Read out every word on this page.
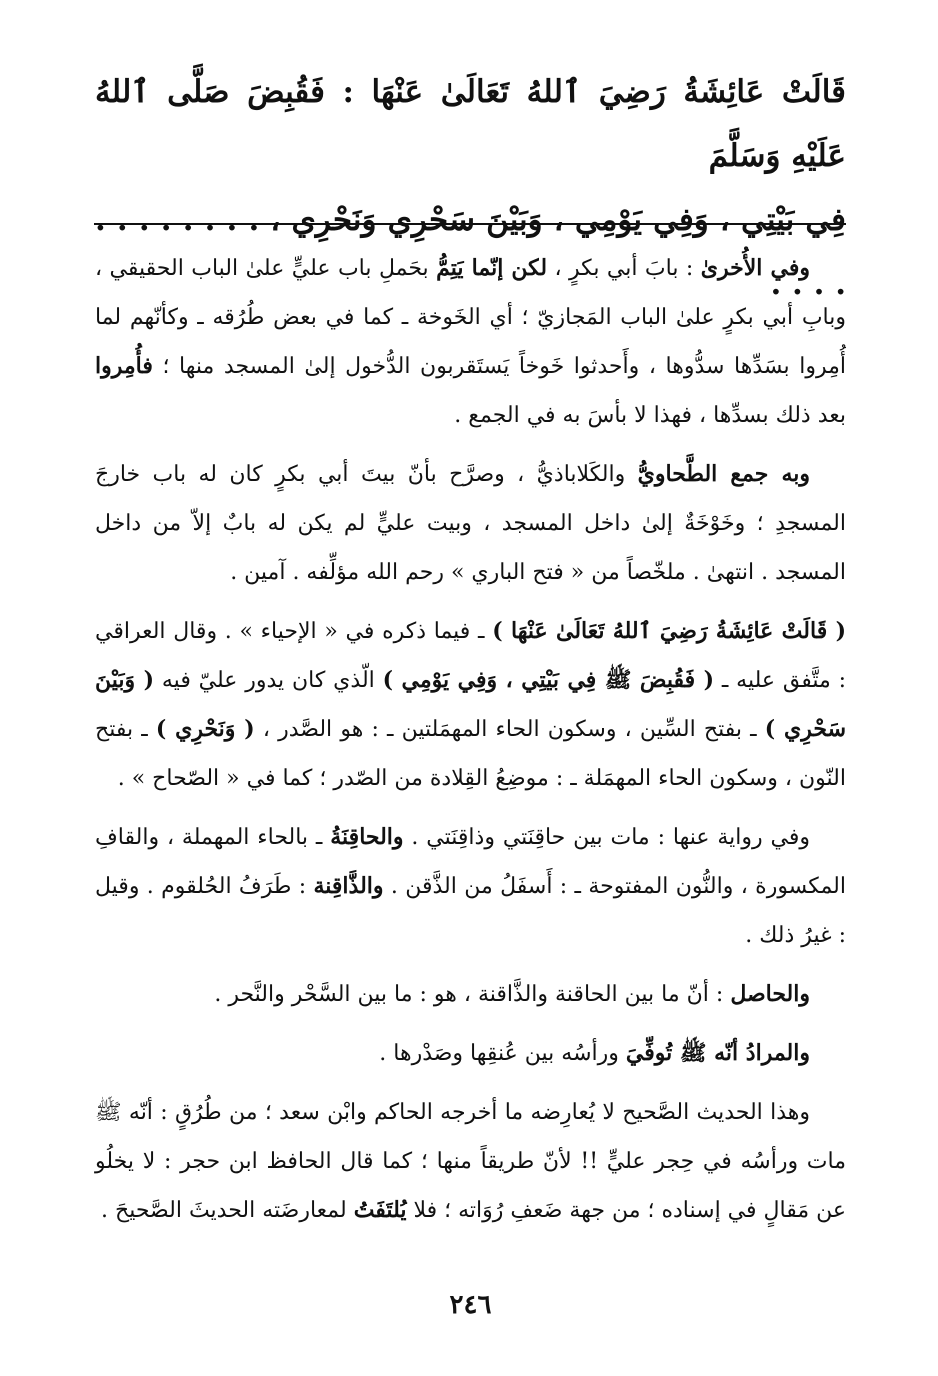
قَالَتْ عَائِشَةُ رَضِيَ ٱللهُ تَعَالَىٰ عَنْهَا : فَقُبِضَ صَلَّى ٱللهُ عَلَيْهِ وَسَلَّمَ

فِي بَيْتِي ، وَفِي يَوْمِي ، وَبَيْنَ سَحْرِي وَنَحْرِي ، . . . . . . . . . . . .

وفي الأُخرىٰ : بابَ أبي بكرٍ ، لكن إنّما يَتِمُّ بحَملِ باب عليٍّ علىٰ الباب الحقيقي ، وبابِ أبي بكرٍ علىٰ الباب المَجازيّ ؛ أي الخَوخة ـ كما في بعض طُرُقه ـ وكأنّهم لما أُمِروا بسَدِّها سدُّوها ، وأَحدثوا خَوخاً يَستَقربون الدُّخول إلىٰ المسجد منها ؛ فأُمِروا بعد ذلك بسدِّها ، فهذا لا بأسَ به في الجمع .

وبه جمع الطَّحاويُّ والكَلاباذيُّ ، وصرَّح بأنّ بيتَ أبي بكرٍ كان له باب خارجَ المسجدِ ؛ وخَوْخَةٌ إلىٰ داخل المسجد ، وبيت عليٍّ لم يكن له بابٌ إلاّ من داخل المسجد . انتهىٰ . ملخّصاً من « فتح الباري » رحم الله مؤلِّفه . آمين .

( قَالَتْ عَائِشَةُ رَضِيَ ٱللهُ تَعَالَىٰ عَنْهَا ) ـ فيما ذكره في « الإحياء » . وقال العراقي : متَّفق عليه ـ ( فَقُبِضَ ﷺ فِي بَيْتِي ، وَفِي يَوْمِي ) الّذي كان يدور عليّ فيه ( وَبَيْنَ سَحْرِي ) ـ بفتح السِّين ، وسكون الحاء المهمَلتين ـ : هو الصَّدر ، ( وَنَحْرِي ) ـ بفتح النّون ، وسكون الحاء المهمَلة ـ : موضِعُ القِلادة من الصّدر ؛ كما في « الصّحاح » .

وفي رواية عنها : مات بين حاقِنَتي وذاقِنَتي . والحاقِنَةُ ـ بالحاء المهملة ، والقافِ المكسورة ، والنُّون المفتوحة ـ : أَسفَلُ من الذَّقن . والذَّاقِنة : طَرَفُ الحُلقوم . وقيل : غيرُ ذلك .

والحاصل : أنّ ما بين الحاقنة والذَّاقنة ، هو : ما بين السَّحْر والنَّحر .

والمرادُ أنّه ﷺ تُوفِّيَ ورأسُه بين عُنقِها وصَدْرها .

وهذا الحديث الصَّحيح لا يُعارِضه ما أخرجه الحاكم وابْن سعد ؛ من طُرُقٍ : أنّه ﷺ مات ورأسُه في حِجر عليٍّ !! لأنّ طريقاً منها ؛ كما قال الحافظ ابن حجر : لا يخلُو عن مَقالٍ في إسناده ؛ من جهة ضَعفِ رُوَاته ؛ فلا يُلتَفَتُ لمعارضَته الحديثَ الصَّحيحَ .

٢٤٦
